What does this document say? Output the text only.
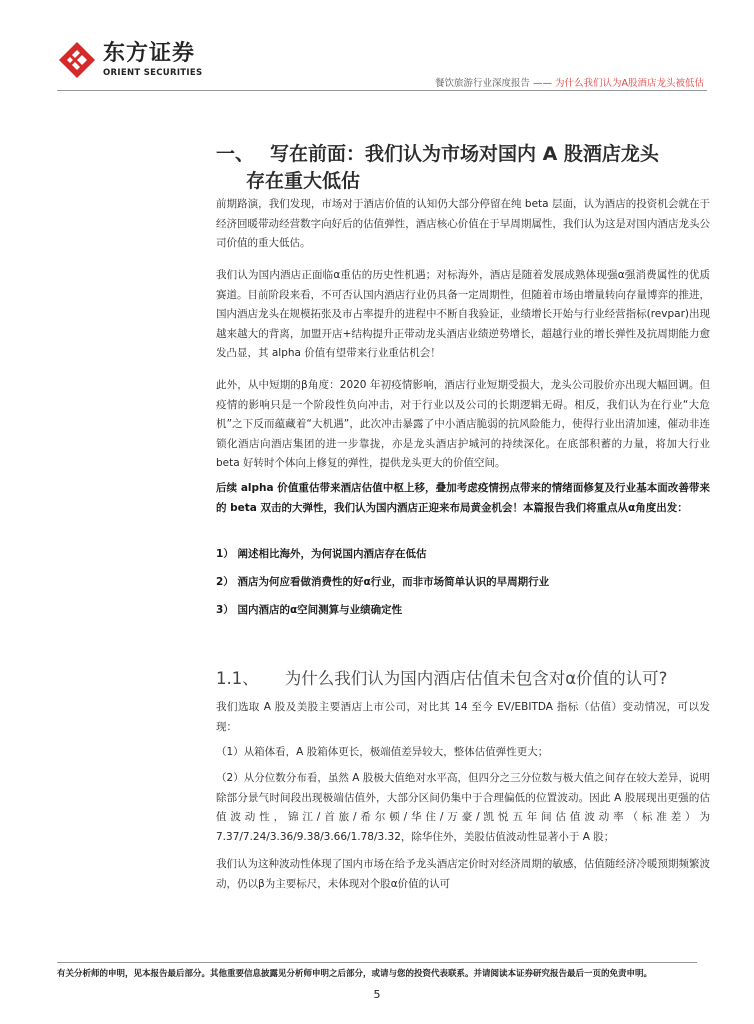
东方证券
ORIENT SECURITIES
餐饮旅游行业深度报告 —— 为什么我们认为A股酒店龙头被低估
一、 写在前面：我们认为市场对国内 A 股酒店龙头
存在重大低估
前期路演，我们发现，市场对于酒店价值的认知仍大部分停留在纯 beta 层面，认为酒店的投资机会就在于经济回暖带动经营数字向好后的估值弹性，酒店核心价值在于早周期属性，我们认为这是对国内酒店龙头公司价值的重大低估。
我们认为国内酒店正面临α重估的历史性机遇；对标海外，酒店是随着发展成熟体现强α强消费属性的优质赛道。目前阶段来看，不可否认国内酒店行业仍具备一定周期性，但随着市场由增量转向存量博弈的推进，国内酒店龙头在规模拓张及市占率提升的进程中不断自我验证，业绩增长开始与行业经营指标(revpar)出现越来越大的背离，加盟开店+结构提升正带动龙头酒店业绩逆势增长，超越行业的增长弹性及抗周期能力愈发凸显，其 alpha 价值有望带来行业重估机会！
此外，从中短期的β角度：2020 年初疫情影响，酒店行业短期受损大，龙头公司股价亦出现大幅回调。但疫情的影响只是一个阶段性负向冲击，对于行业以及公司的长期逻辑无碍。相反，我们认为在行业“大危机”之下反而蕴藏着“大机遇”，此次冲击暴露了中小酒店脆弱的抗风险能力，使得行业出清加速，催动非连锁化酒店向酒店集团的进一步靠拢，亦是龙头酒店护城河的持续深化。在底部积蓄的力量，将加大行业 beta 好转时个体向上修复的弹性，提供龙头更大的价值空间。
后续 alpha 价值重估带来酒店估值中枢上移，叠加考虑疫情拐点带来的情绪面修复及行业基本面改善带来的 beta 双击的大弹性，我们认为国内酒店正迎来布局黄金机会！本篇报告我们将重点从α角度出发：
1） 阐述相比海外，为何说国内酒店存在低估
2） 酒店为何应看做消费性的好α行业，而非市场简单认识的早周期行业
3） 国内酒店的α空间测算与业绩确定性
1.1、 为什么我们认为国内酒店估值未包含对α价值的认可?
我们选取 A 股及美股主要酒店上市公司，对比其 14 至今 EV/EBITDA 指标（估值）变动情况，可以发现：
（1）从箱体看，A 股箱体更长，极端值差异较大，整体估值弹性更大；
（2）从分位数分布看，虽然 A 股极大值绝对水平高，但四分之三分位数与极大值之间存在较大差异，说明除部分景气时间段出现极端估值外，大部分区间仍集中于合理偏低的位置波动。因此 A 股展现出更强的估值波动性，锦江/首旅/希尔顿/华住/万豪/凯悦五年间估值波动率（标准差）为 7.37/7.24/3.36/9.38/3.66/1.78/3.32，除华住外，美股估值波动性显著小于 A 股；
我们认为这种波动性体现了国内市场在给予龙头酒店定价时对经济周期的敏感，估值随经济冷暖预期频繁波动，仍以β为主要标尺，未体现对个股α价值的认可
有关分析师的申明，见本报告最后部分。其他重要信息披露见分析师申明之后部分，或请与您的投资代表联系。并请阅读本证券研究报告最后一页的免责申明。
5
